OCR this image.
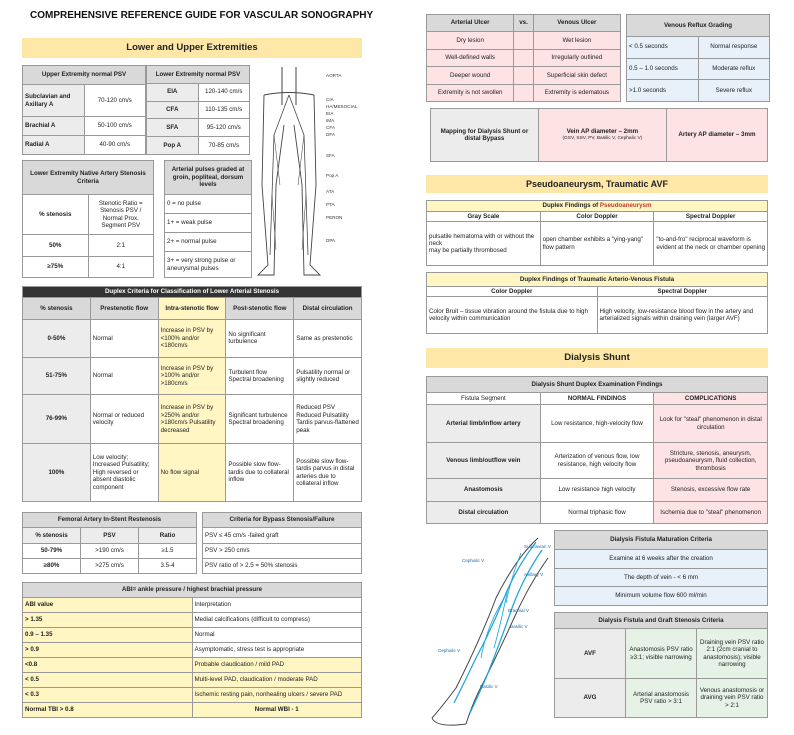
COMPREHENSIVE REFERENCE GUIDE FOR VASCULAR SONOGRAPHY
Lower and Upper Extremities
Upper Extremity normal PSV	
Subclavian and Axillary A	70-120 cm/s
Brachial A	50-100 cm/s
Radial A	40-90 cm/s
Lower Extremity normal PSV	
EIA	120-140 cm/s
CFA	110-135 cm/s
SFA	95-120 cm/s
Pop A	70-85 cm/s
AORTA
CIA
HA/MESOCIAL
EIA
IMA
CFA
DFA
SFA
Pop A
ATA
PTA
PERON
DPA
Lower Extremity Native Artery Stenosis Criteria	
% stenosis	Stenotic Ratio = Stenosis PSV / Normal Prox. Segment PSV
50%	2:1
≥75%	4:1
Arterial pulses graded at groin, popliteal, dorsum levels
0 = no pulse
1+ = weak pulse
2+ = normal pulse
3+ = very strong pulse or aneurysmal pulses
Duplex Criteria for Classification of Lower Arterial Stenosis				
% stenosis	Prestenotic flow	Intra-stenotic flow	Post-stenotic flow	Distal circulation
0-50%	Normal	Increase in PSV by <100% and/or <180cm/s	No significant turbulence	Same as prestenotic
51-75%	Normal	Increase in PSV by >100% and/or >180cm/s	Turbulent flow Spectral broadening	Pulsatility normal or slightly reduced
76-99%	Normal or reduced velocity	Increase in PSV by >250% and/or >180cm/s Pulsatility decreased	Significant turbulence Spectral broadening	Reduced PSV Reduced Pulsatility Tardis parvus-flattened peak
100%	Low velocity; Increased Pulsatility; High reversed or absent diastolic component	No flow signal	Possible slow flow-tardis due to collateral inflow	Possible slow flow-tardis parvus in distal arteries due to collateral inflow
Femoral Artery In-Stent Restenosis		
% stenosis	PSV	Ratio
50-79%	>190 cm/s	≥1.5
≥80%	>275 cm/s	3.5-4
Criteria for Bypass Stenosis/Failure
PSV ≤ 45 cm/s -failed graft
PSV > 250 cm/s
PSV ratio of > 2.5 = 50% stenosis
ABI= ankle pressure / highest brachial pressure	
ABI value	Interpretation
> 1.35	Medial calcifications (difficult to compress)
0.9 – 1.35	Normal
> 0.9	Asymptomatic, stress test is appropriate
<0.8	Probable claudication / mild PAD
< 0.5	Multi-level PAD, claudication / moderate PAD
< 0.3	Ischemic resting pain, nonhealing ulcers / severe PAD
Normal TBI > 0.8	Normal WBI - 1
Arterial Ulcer	vs.	Venous Ulcer
Dry lesion		Wet lesion
Well-defined walls		Irregularly outlined
Deeper wound		Superficial skin defect
Extremity is not swollen		Extremity is edematous
Venous Reflux Grading	
< 0.5 seconds	Normal response
0.5 – 1.0 seconds	Moderate reflux
>1.0 seconds	Severe reflux
Mapping for Dialysis Shunt or distal Bypass	
Vein AP diameter – 2mm
(GSV, SSV, PV, Basilic V, Cephalic V)
	Artery AP diameter – 3mm
Pseudoaneurysm, Traumatic AVF
Duplex Findings of Pseudoaneurysm		
Gray Scale	Color Doppler	Spectral Doppler

pulsatile hematoma with or without the neck
may be partially thrombosed	open chamber exhibits a "ying-yang" flow pattern	"to-and-fro" reciprocal waveform is evident at the neck or chamber opening
Duplex Findings of Traumatic Arterio-Venous Fistula	
Color Doppler	Spectral Doppler
Color Bruit – tissue vibration around the fistula due to high velocity within communication	High velocity, low-resistance blood flow in the artery and arterialized signals within draining vein (larger AVF)
Dialysis Shunt
Dialysis Shunt Duplex Examination Findings		
Fistula Segment	NORMAL FINDINGS	COMPLICATIONS
Arterial limb/inflow artery	Low resistance, high-velocity flow	Look for "steal" phenomenon in distal circulation
Venous limb/outflow vein	Arterization of venous flow, low resistance, high velocity flow	Stricture, stenosis, aneurysm, pseudoaneurysm, fluid collection, thrombosis
Anastomosis	Low resistance high velocity	Stenosis, excessive flow rate
Distal circulation	Normal triphasic flow	Ischemia due to "steal" phenomenon
Subclavian V
Cephalic V
Axillary V
Brachial V
Basilic V
Cephalic V
Basilic V
Dialysis Fistula Maturation Criteria
Examine at 6 weeks after the creation
The depth of vein - < 6 mm
Minimum volume flow 600 ml/min
Dialysis Fistula and Graft Stenosis Criteria		
AVF	Anastomosis PSV ratio ≥3:1; visible narrowing	Draining vein PSV ratio 2:1 (2cm cranial to anastomosis); visible narrowing
AVG	Arterial anastomosis PSV ratio > 3:1	Venous anastomosis or draining vein PSV ratio > 2:1
